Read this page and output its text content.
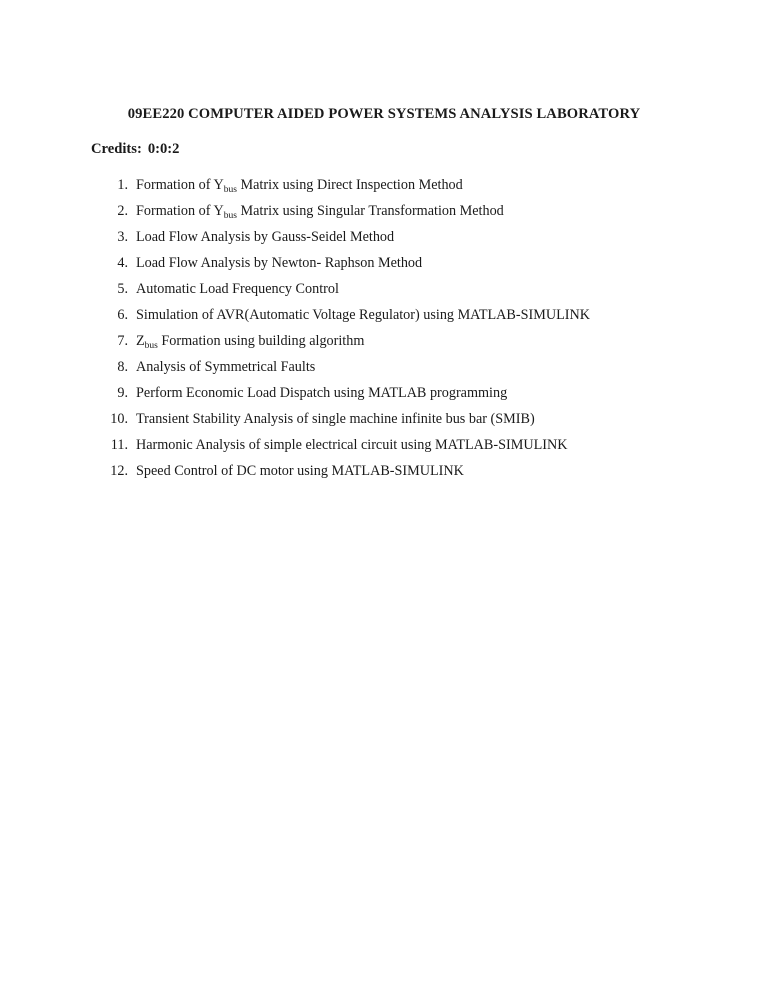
09EE220 COMPUTER AIDED POWER SYSTEMS ANALYSIS LABORATORY
Credits: 0:0:2
1. Formation of $Y_{bus}$ Matrix using Direct Inspection Method
2. Formation of $Y_{bus}$ Matrix using Singular Transformation Method
3. Load Flow Analysis by Gauss-Seidel Method
4. Load Flow Analysis by Newton- Raphson Method
5. Automatic Load Frequency Control
6. Simulation of AVR(Automatic Voltage Regulator) using MATLAB-SIMULINK
7. $Z_{bus}$ Formation using building algorithm
8. Analysis of Symmetrical Faults
9. Perform Economic Load Dispatch using MATLAB programming
10. Transient Stability Analysis of single machine infinite bus bar (SMIB)
11. Harmonic Analysis of simple electrical circuit using MATLAB-SIMULINK
12. Speed Control of DC motor using MATLAB-SIMULINK
